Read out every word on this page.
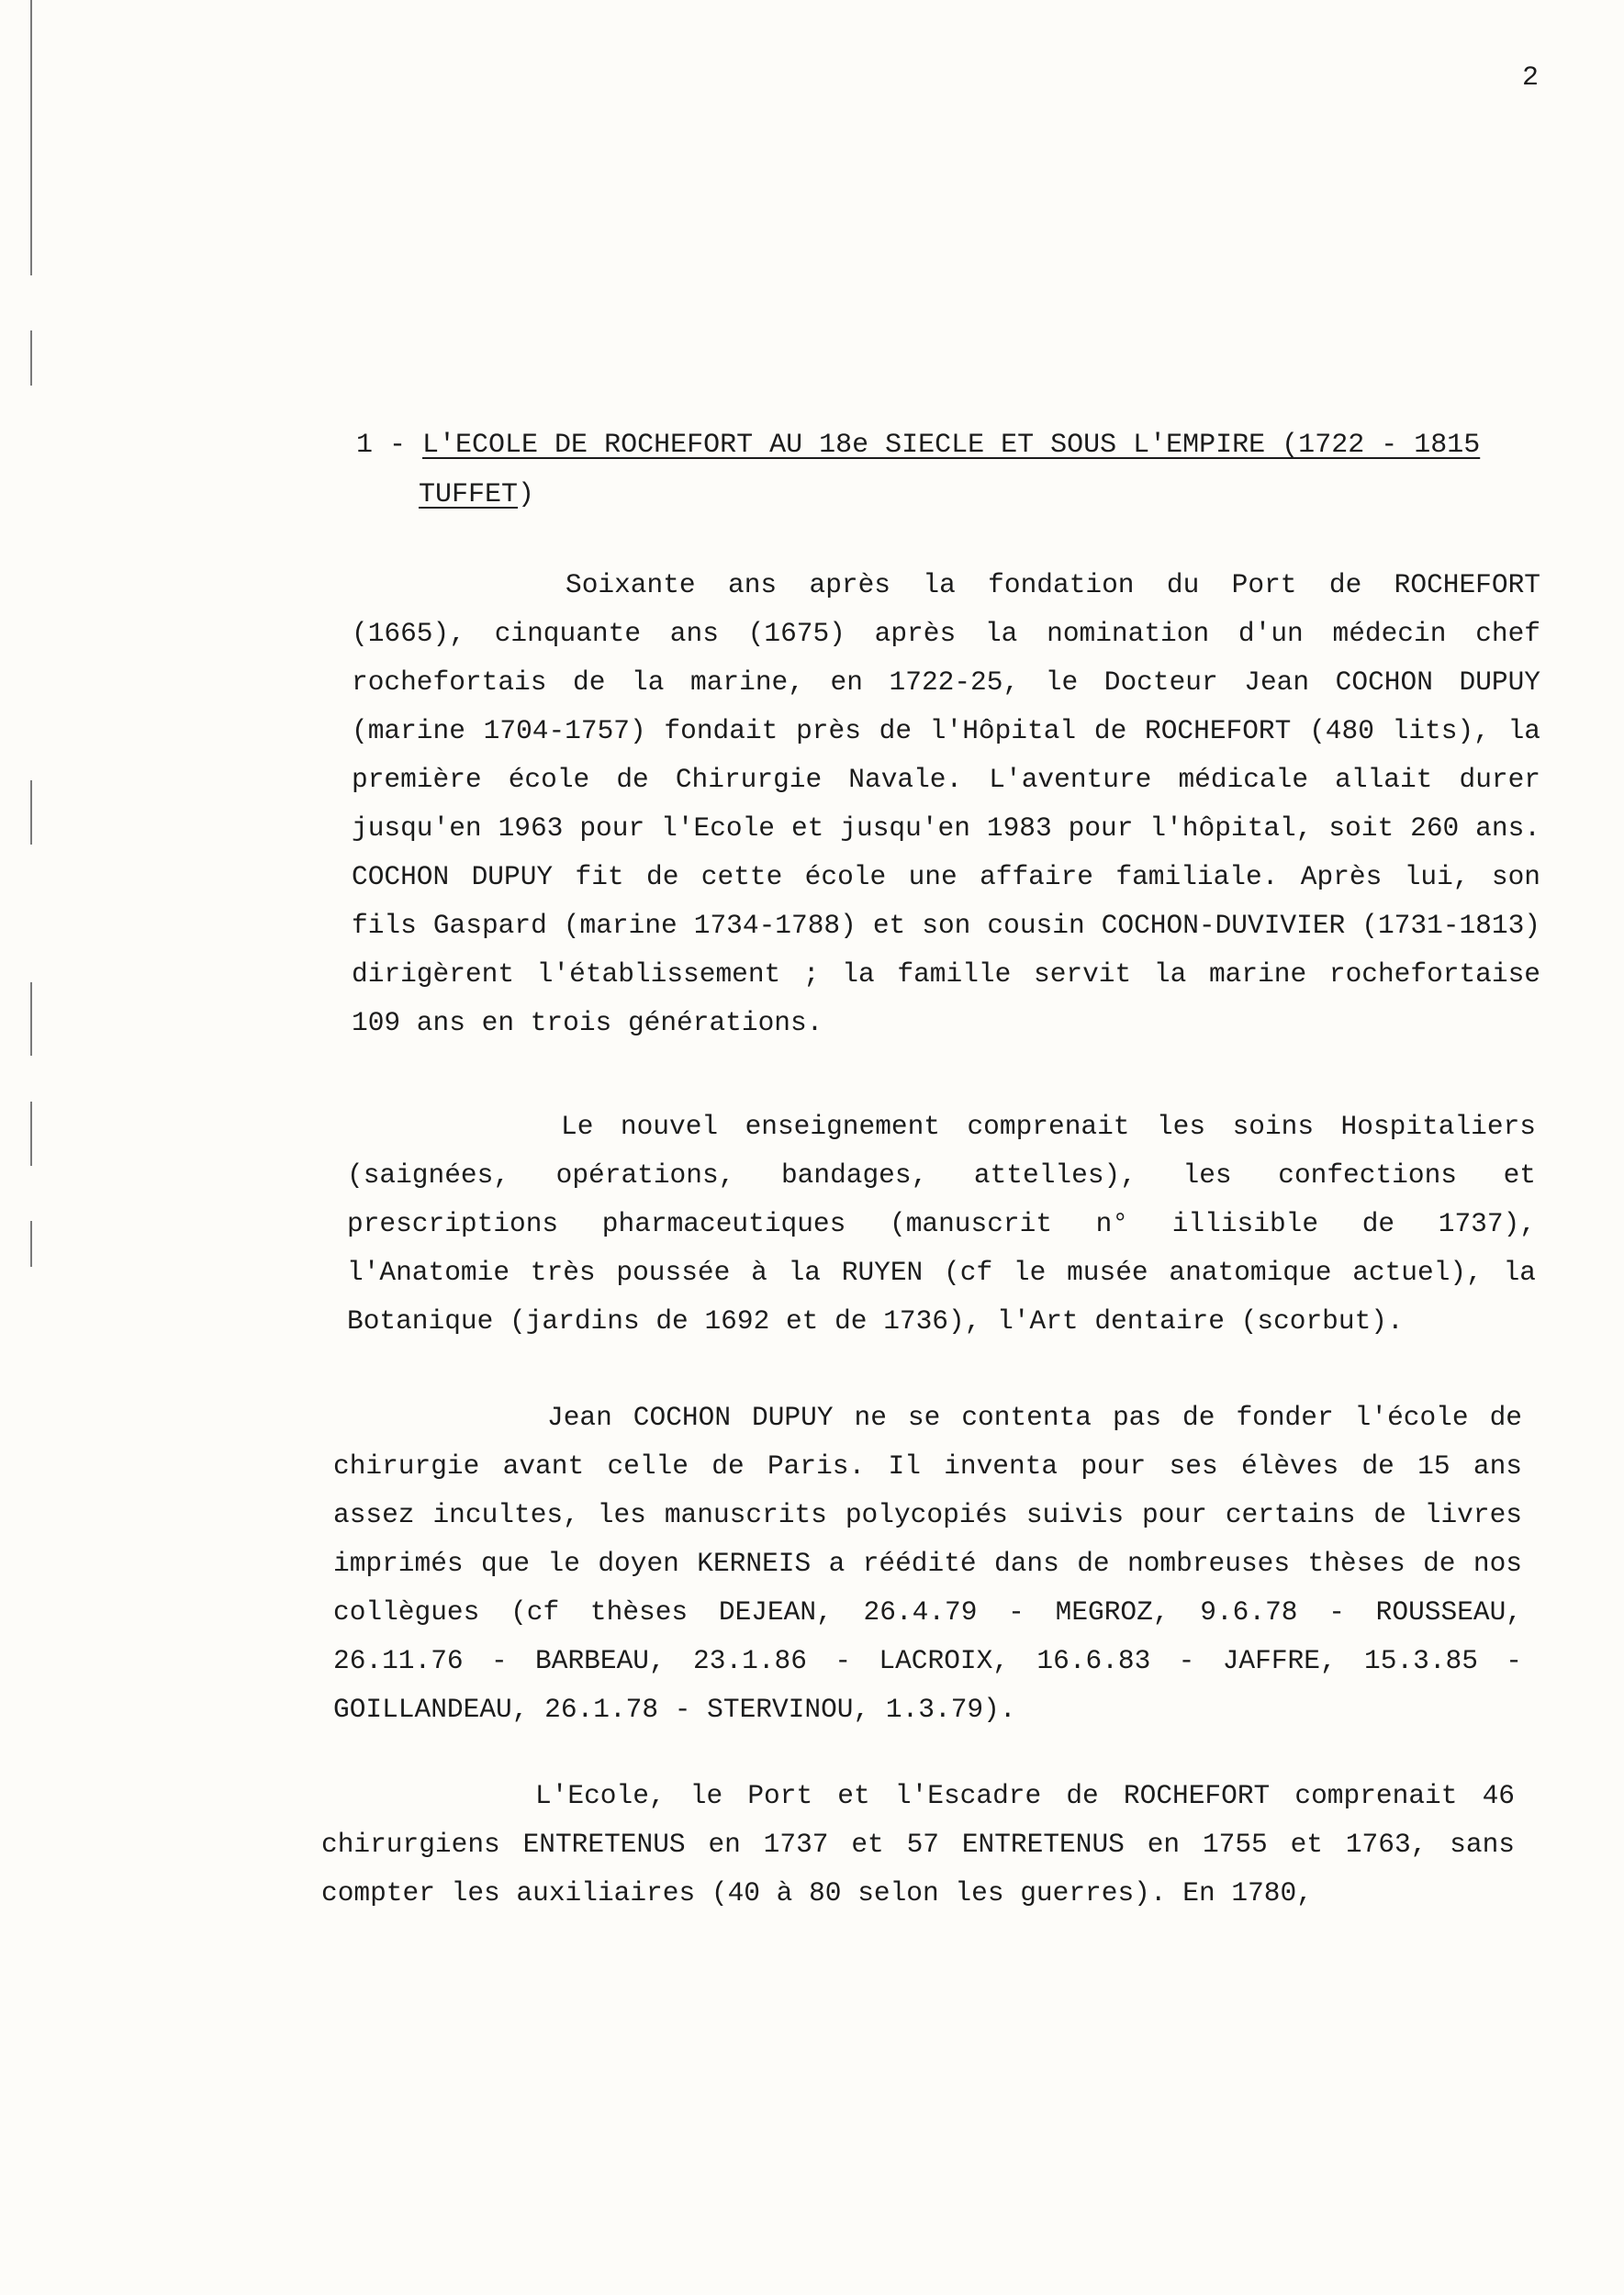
2
1 - L'ECOLE DE ROCHEFORT AU 18e SIECLE ET SOUS L'EMPIRE (1722 - 1815
TUFFET)

Soixante ans après la fondation du Port de ROCHEFORT (1665), cinquante ans (1675) après la nomination d'un médecin chef rochefortais de la marine, en 1722-25, le Docteur Jean COCHON DUPUY (marine 1704-1757) fondait près de l'Hôpital de ROCHEFORT (480 lits), la première école de Chirurgie Navale. L'aventure médicale allait durer jusqu'en 1963 pour l'Ecole et jusqu'en 1983 pour l'hôpital, soit 260 ans. COCHON DUPUY fit de cette école une affaire familiale. Après lui, son fils Gaspard (marine 1734-1788) et son cousin COCHON-DUVIVIER (1731-1813) dirigèrent l'établissement ; la famille servit la marine rochefortaise 109 ans en trois générations.

Le nouvel enseignement comprenait les soins Hospitaliers (saignées, opérations, bandages, attelles), les confections et prescriptions pharmaceutiques (manuscrit n° illisible de 1737), l'Anatomie très poussée à la RUYEN (cf le musée anatomique actuel), la Botanique (jardins de 1692 et de 1736), l'Art dentaire (scorbut).

Jean COCHON DUPUY ne se contenta pas de fonder l'école de chirurgie avant celle de Paris. Il inventa pour ses élèves de 15 ans assez incultes, les manuscrits polycopiés suivis pour certains de livres imprimés que le doyen KERNEIS a réédité dans de nombreuses thèses de nos collègues (cf thèses DEJEAN, 26.4.79 - MEGROZ, 9.6.78 - ROUSSEAU, 26.11.76 - BARBEAU, 23.1.86 - LACROIX, 16.6.83 - JAFFRE, 15.3.85 - GOILLANDEAU, 26.1.78 - STERVINOU, 1.3.79).

L'Ecole, le Port et l'Escadre de ROCHEFORT comprenait 46 chirurgiens ENTRETENUS en 1737 et 57 ENTRETENUS en 1755 et 1763, sans compter les auxiliaires (40 à 80 selon les guerres). En 1780,
